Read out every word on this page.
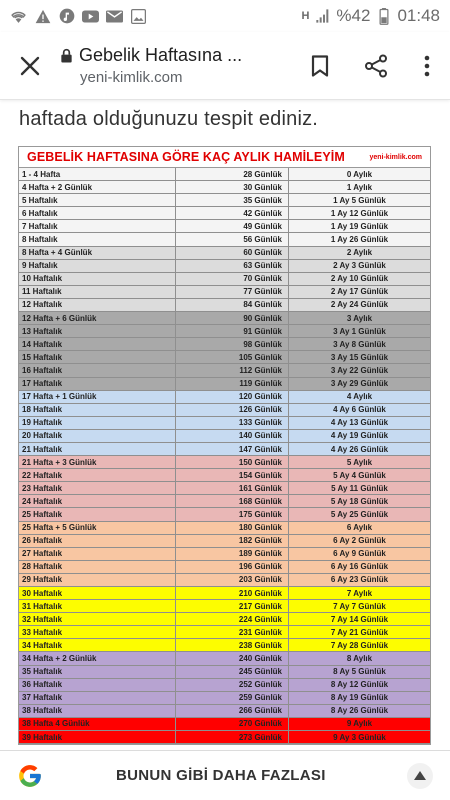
H %42 01:48
Gebelik Haftasına ...
yeni-kimlik.com
haftada olduğunuzu tespit ediniz.
GEBELİK HAFTASINA GÖRE KAÇ AYLIK HAMİLEYİM	yeni-kimlik.com
1 - 4 Hafta	28 Günlük	0 Aylık
4 Hafta + 2 Günlük	30 Günlük	1 Aylık
5 Haftalık	35 Günlük	1 Ay 5 Günlük
6 Haftalık	42 Günlük	1 Ay 12 Günlük
7 Haftalık	49 Günlük	1 Ay 19 Günlük
8 Haftalık	56 Günlük	1 Ay 26 Günlük
8 Hafta + 4 Günlük	60 Günlük	2 Aylık
9 Haftalık	63 Günlük	2 Ay 3 Günlük
10 Haftalık	70 Günlük	2 Ay 10 Günlük
11 Haftalık	77 Günlük	2 Ay 17 Günlük
12 Haftalık	84 Günlük	2 Ay 24 Günlük
12 Hafta + 6 Günlük	90 Günlük	3 Aylık
13 Haftalık	91 Günlük	3 Ay 1 Günlük
14 Haftalık	98 Günlük	3 Ay 8 Günlük
15 Haftalık	105 Günlük	3 Ay 15 Günlük
16 Haftalık	112 Günlük	3 Ay 22 Günlük
17 Haftalık	119 Günlük	3 Ay 29 Günlük
17 Hafta + 1 Günlük	120 Günlük	4 Aylık
18 Haftalık	126 Günlük	4 Ay 6 Günlük
19 Haftalık	133 Günlük	4 Ay 13 Günlük
20 Haftalık	140 Günlük	4 Ay 19 Günlük
21 Haftalık	147 Günlük	4 Ay 26 Günlük
21 Hafta + 3 Günlük	150 Günlük	5 Aylık
22 Haftalık	154 Günlük	5 Ay 4 Günlük
23 Haftalık	161 Günlük	5 Ay 11 Günlük
24 Haftalık	168 Günlük	5 Ay 18 Günlük
25 Haftalık	175 Günlük	5 Ay 25 Günlük
25 Hafta + 5 Günlük	180 Günlük	6 Aylık
26 Haftalık	182 Günlük	6 Ay 2 Günlük
27 Haftalık	189 Günlük	6 Ay 9 Günlük
28 Haftalık	196 Günlük	6 Ay 16 Günlük
29 Haftalık	203 Günlük	6 Ay 23 Günlük
30 Haftalık	210 Günlük	7 Aylık
31 Haftalık	217 Günlük	7 Ay 7 Günlük
32 Haftalık	224 Günlük	7 Ay 14 Günlük
33 Haftalık	231 Günlük	7 Ay 21 Günlük
34 Haftalık	238 Günlük	7 Ay 28 Günlük
34 Hafta + 2 Günlük	240 Günlük	8 Aylık
35 Haftalık	245 Günlük	8 Ay 5 Günlük
36 Haftalık	252 Günlük	8 Ay 12 Günlük
37 Haftalık	259 Günlük	8 Ay 19 Günlük
38 Haftalık	266 Günlük	8 Ay 26 Günlük
38 Hafta 4 Günlük	270 Günlük	9 Aylık
39 Haftalık	273 Günlük	9 Ay 3 Günlük
BUNUN GİBİ DAHA FAZLASI
